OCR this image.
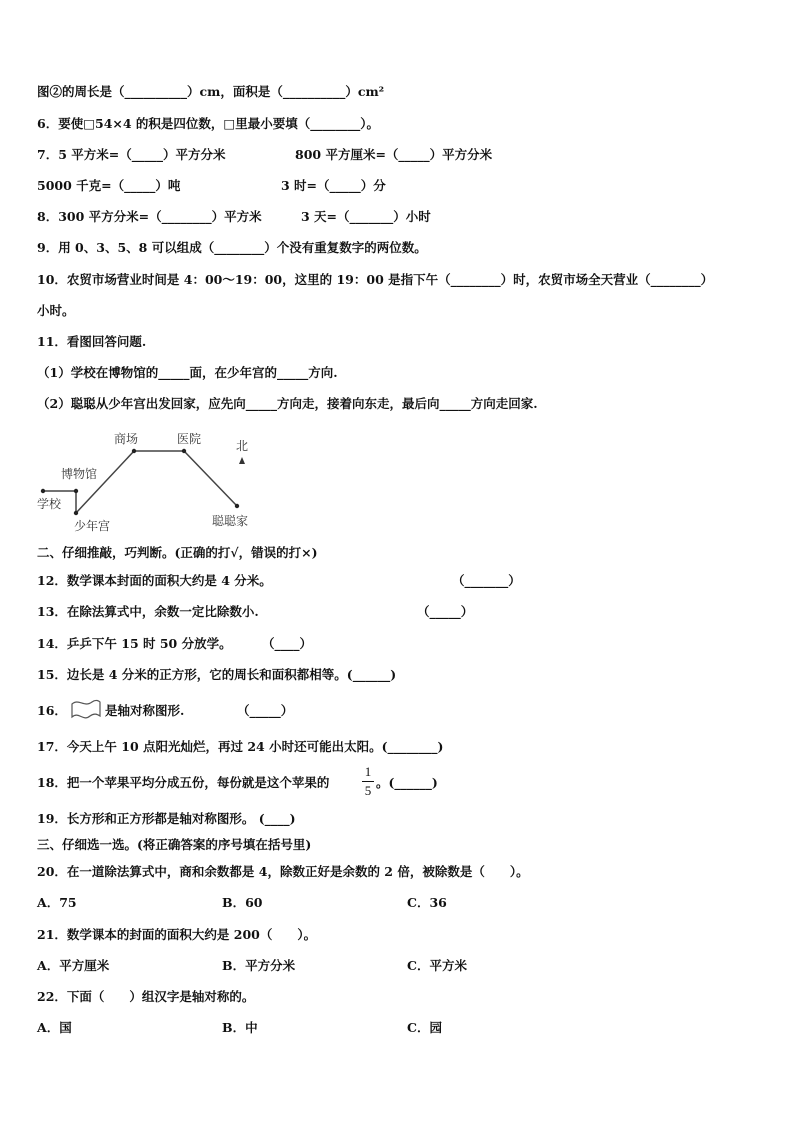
图②的周长是（__________）cm，面积是（__________）cm²
6．要使□54×4 的积是四位数，□里最小要填（________）。
7．5 平方米=（_____）平方分米	800 平方厘米=（_____）平方分米
5000 千克=（_____）吨	3 时=（_____）分
8．300 平方分米=（________）平方米	3 天=（_______）小时
9．用 0、3、5、8 可以组成（________）个没有重复数字的两位数。
10．农贸市场营业时间是 4：00～19：00，这里的 19：00 是指下午（________）时，农贸市场全天营业（________）
小时。
11．看图回答问题.
（1）学校在博物馆的_____面，在少年宫的_____方向.
（2）聪聪从少年宫出发回家，应先向_____方向走，接着向东走，最后向_____方向走回家.
学校
博物馆
商场	医院
少年宫	聪聪家
北
二、仔细推敲，巧判断。(正确的打√，错误的打×)
12．数学课本封面的面积大约是 4 分米。	（_______）
13．在除法算式中，余数一定比除数小.	（_____）
14．乒乒下午 15 时 50 分放学。 （____）
15．边长是 4 分米的正方形，它的周长和面积都相等。(______)
16．	是轴对称图形.	（_____）
17．今天上午 10 点阳光灿烂，再过 24 小时还可能出太阳。(________)
18．把一个苹果平均分成五份，每份就是这个苹果的
1
5
。(______)
19．长方形和正方形都是轴对称图形。 (____)
三、仔细选一选。(将正确答案的序号填在括号里)
20．在一道除法算式中，商和余数都是 4，除数正好是余数的 2 倍，被除数是（　　）。
A．75	B．60	C．36
21．数学课本的封面的面积大约是 200（　　）。
A．平方厘米	B．平方分米	C．平方米
22．下面（　　）组汉字是轴对称的。
A．国	B．中	C．园
